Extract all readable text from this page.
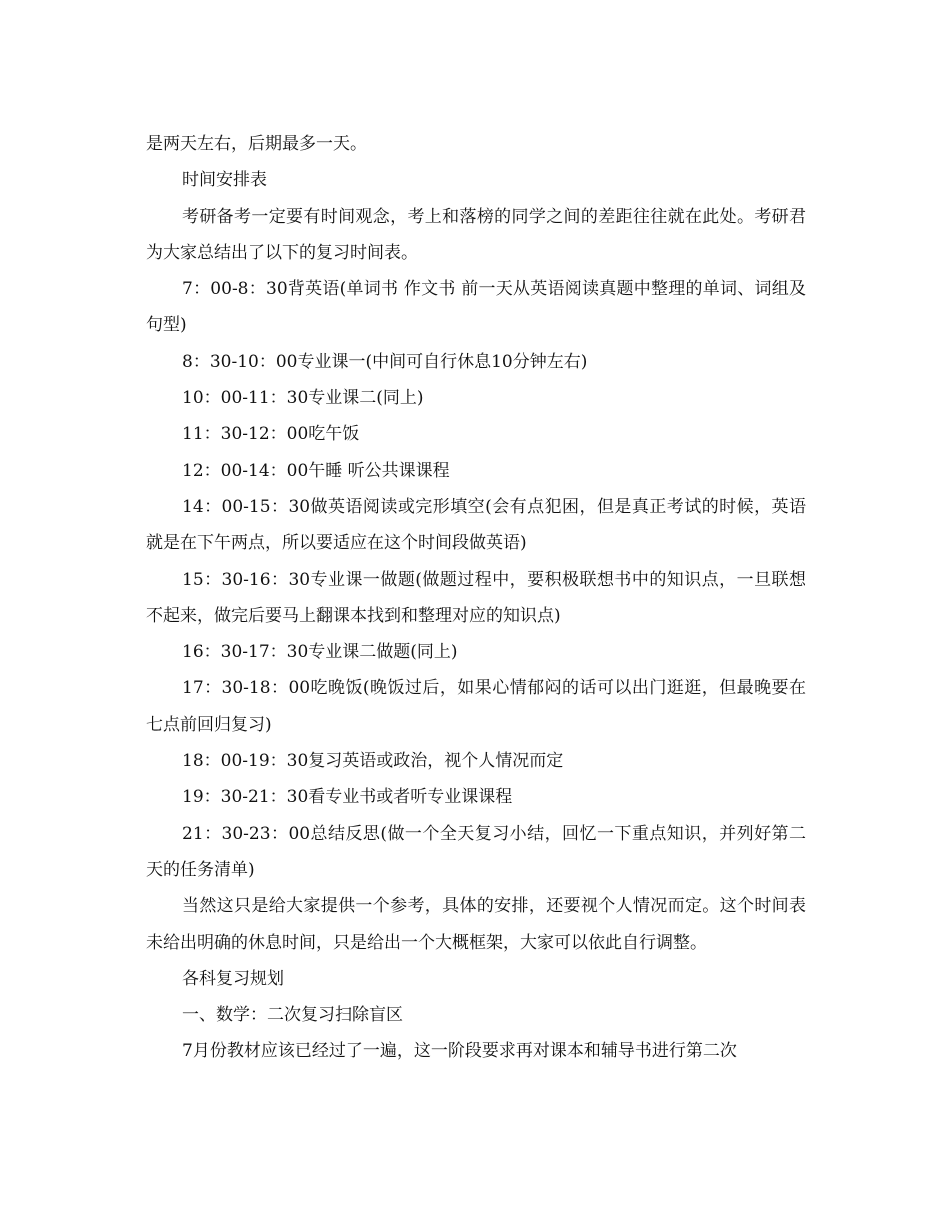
是两天左右，后期最多一天。

时间安排表

考研备考一定要有时间观念，考上和落榜的同学之间的差距往往就在此处。考研君为大家总结出了以下的复习时间表。

7：00-8：30背英语(单词书 作文书 前一天从英语阅读真题中整理的单词、词组及句型)

8：30-10：00专业课一(中间可自行休息10分钟左右)

10：00-11：30专业课二(同上)

11：30-12：00吃午饭

12：00-14：00午睡 听公共课课程

14：00-15：30做英语阅读或完形填空(会有点犯困，但是真正考试的时候，英语就是在下午两点，所以要适应在这个时间段做英语)

15：30-16：30专业课一做题(做题过程中，要积极联想书中的知识点，一旦联想不起来，做完后要马上翻课本找到和整理对应的知识点)

16：30-17：30专业课二做题(同上)

17：30-18：00吃晚饭(晚饭过后，如果心情郁闷的话可以出门逛逛，但最晚要在七点前回归复习)

18：00-19：30复习英语或政治，视个人情况而定

19：30-21：30看专业书或者听专业课课程

21：30-23：00总结反思(做一个全天复习小结，回忆一下重点知识，并列好第二天的任务清单)

当然这只是给大家提供一个参考，具体的安排，还要视个人情况而定。这个时间表未给出明确的休息时间，只是给出一个大概框架，大家可以依此自行调整。

各科复习规划

一、数学：二次复习扫除盲区

7月份教材应该已经过了一遍，这一阶段要求再对课本和辅导书进行第二次
